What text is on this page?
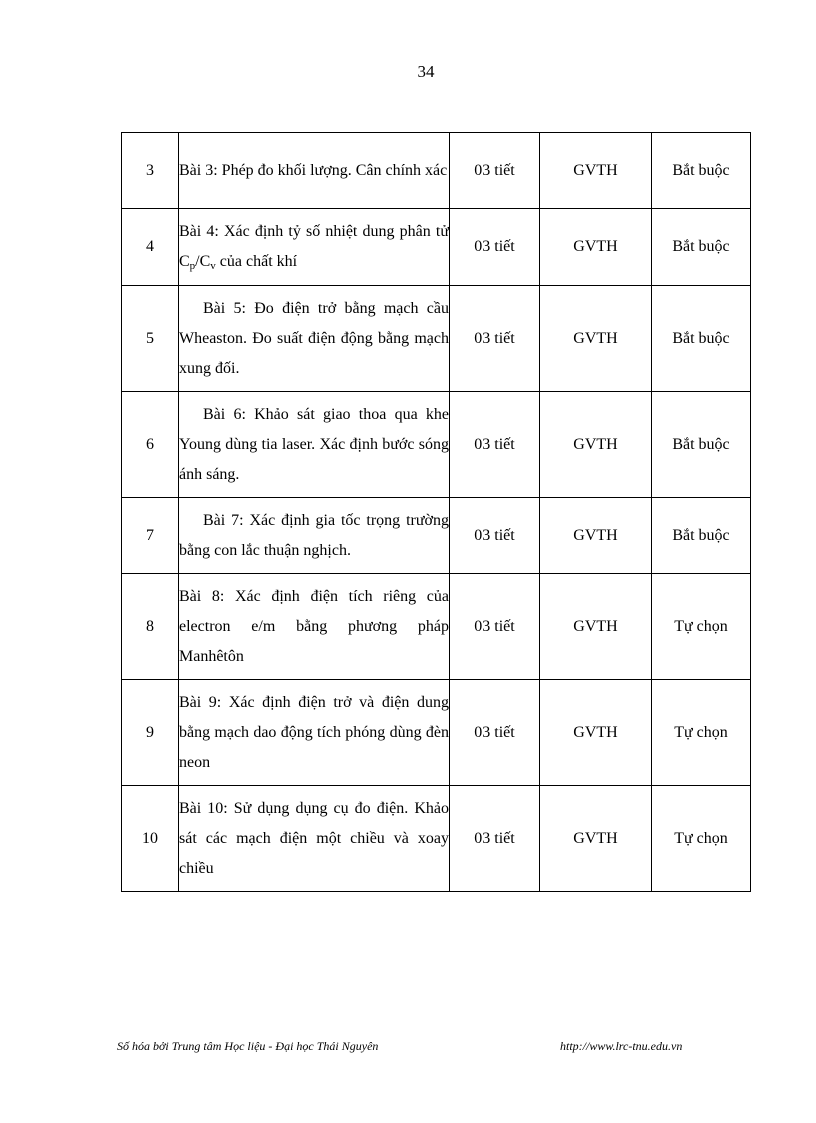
34
3	Bài 3: Phép đo khối lượng. Cân chính xác	03 tiết	GVTH	Bắt buộc
4	Bài 4: Xác định tỷ số nhiệt dung phân tử $C_p/C_v$ của chất khí	03 tiết	GVTH	Bắt buộc
5	Bài 5: Đo điện trở bằng mạch cầu Wheaston. Đo suất điện động bằng mạch xung đối.	03 tiết	GVTH	Bắt buộc
6	Bài 6: Khảo sát giao thoa qua khe Young dùng tia laser. Xác định bước sóng ánh sáng.	03 tiết	GVTH	Bắt buộc
7	Bài 7: Xác định gia tốc trọng trường bằng con lắc thuận nghịch.	03 tiết	GVTH	Bắt buộc
8	Bài 8: Xác định điện tích riêng của electron e/m bằng phương pháp Manhêtôn	03 tiết	GVTH	Tự chọn
9	Bài 9: Xác định điện trở và điện dung bằng mạch dao động tích phóng dùng đèn neon	03 tiết	GVTH	Tự chọn
10	Bài 10: Sử dụng dụng cụ đo điện. Khảo sát các mạch điện một chiều và xoay chiều	03 tiết	GVTH	Tự chọn
Số hóa bởi Trung tâm Học liệu - Đại học Thái Nguyên	http://www.lrc-tnu.edu.vn
